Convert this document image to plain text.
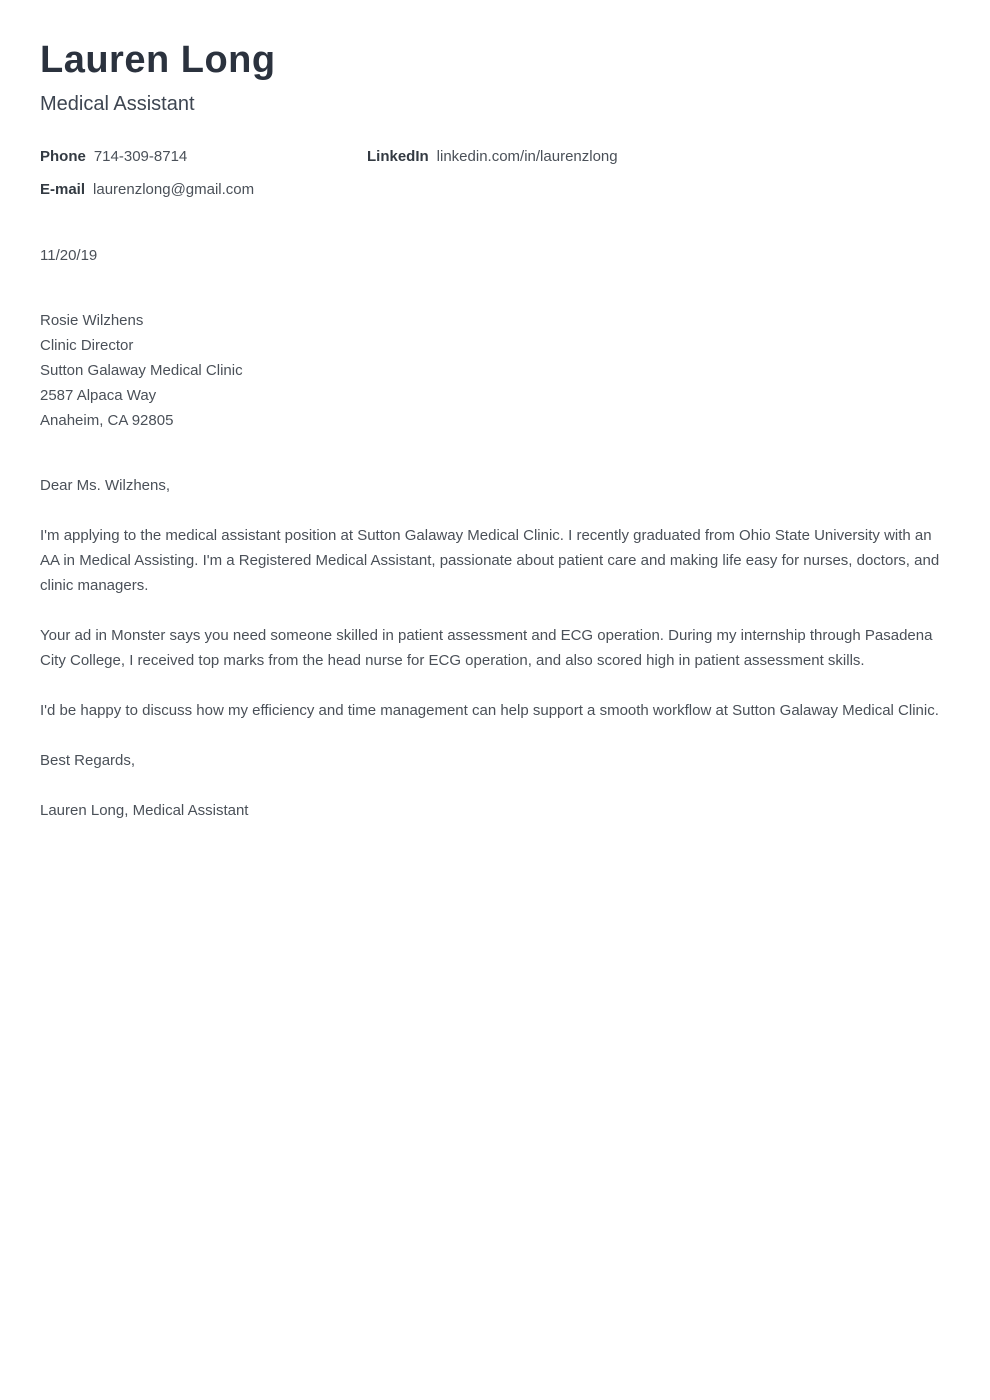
Lauren Long
Medical Assistant
Phone 714-309-8714	LinkedIn linkedin.com/in/laurenzlong
E-mail laurenzlong@gmail.com
11/20/19
Rosie Wilzhens
Clinic Director
Sutton Galaway Medical Clinic
2587 Alpaca Way
Anaheim, CA 92805
Dear Ms. Wilzhens,

I'm applying to the medical assistant position at Sutton Galaway Medical Clinic. I recently graduated from Ohio State University with an AA in Medical Assisting. I'm a Registered Medical Assistant, passionate about patient care and making life easy for nurses, doctors, and clinic managers.

Your ad in Monster says you need someone skilled in patient assessment and ECG operation. During my internship through Pasadena City College, I received top marks from the head nurse for ECG operation, and also scored high in patient assessment skills.

I'd be happy to discuss how my efficiency and time management can help support a smooth workflow at Sutton Galaway Medical Clinic.

Best Regards,
Lauren Long, Medical Assistant
